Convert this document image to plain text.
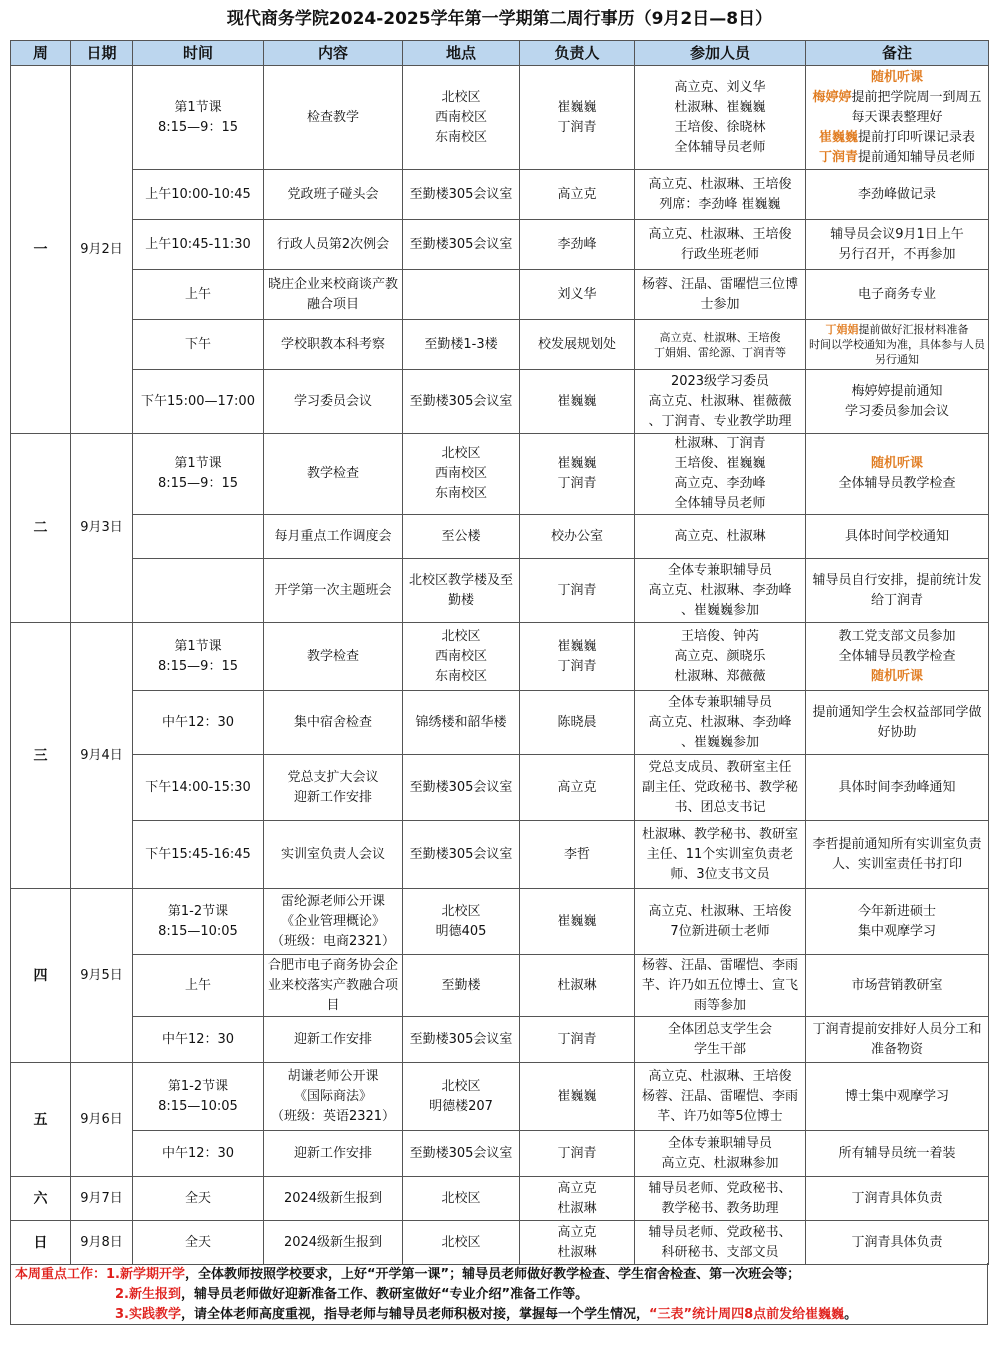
现代商务学院2024-2025学年第一学期第二周行事历（9月2日—8日）
周	日期	时间	内容	地点	负责人	参加人员	备注

一	9月2日	第1节课
8:15—9：15	检查教学	北校区
西南校区
东南校区	崔巍巍
丁润青	高立克、刘义华
杜淑琳、崔巍巍
王培俊、徐晓林
全体辅导员老师	随机听课
梅婷婷提前把学院周一到周五每天课表整理好
崔巍巍提前打印听课记录表
丁润青提前通知辅导员老师

		上午10:00-10:45	党政班子碰头会	至勤楼305会议室	高立克	高立克、杜淑琳、王培俊
列席：李劲峰 崔巍巍	李劲峰做记录

		上午10:45-11:30	行政人员第2次例会	至勤楼305会议室	李劲峰	高立克、杜淑琳、王培俊
行政坐班老师	辅导员会议9月1日上午
另行召开，不再参加

		上午	晓庄企业来校商谈产教融合项目		刘义华	杨蓉、汪晶、雷曜恺三位博士参加	电子商务专业

		下午	学校职教本科考察	至勤楼1-3楼	校发展规划处	高立克、杜淑琳、王培俊
丁娟娟、雷纶源、丁润青等	丁娟娟提前做好汇报材料准备
时间以学校通知为准，具体参与人员另行通知

		下午15:00—17:00	学习委员会议	至勤楼305会议室	崔巍巍	2023级学习委员
高立克、杜淑琳、崔薇薇
、丁润青、专业教学助理	梅婷婷提前通知
学习委员参加会议

二	9月3日	第1节课
8:15—9：15	教学检查	北校区
西南校区
东南校区	崔巍巍
丁润青	杜淑琳、丁润青
王培俊、崔巍巍
高立克、李劲峰
全体辅导员老师	随机听课
全体辅导员教学检查

			每月重点工作调度会	至公楼	校办公室	高立克、杜淑琳	具体时间学校通知

			开学第一次主题班会	北校区教学楼及至勤楼	丁润青	全体专兼职辅导员
高立克、杜淑琳、李劲峰
、崔巍巍参加	辅导员自行安排，提前统计发给丁润青

三	9月4日	第1节课
8:15—9：15	教学检查	北校区
西南校区
东南校区	崔巍巍
丁润青	王培俊、钟芮
高立克、颜晓乐
杜淑琳、郑薇薇	教工党支部文员参加
全体辅导员教学检查
随机听课

		中午12：30	集中宿舍检查	锦绣楼和韶华楼	陈晓晨	全体专兼职辅导员
高立克、杜淑琳、李劲峰
、崔巍巍参加	提前通知学生会权益部同学做好协助

		下午14:00-15:30	党总支扩大会议
迎新工作安排	至勤楼305会议室	高立克	党总支成员、教研室主任
副主任、党政秘书、教学秘书、团总支书记	具体时间李劲峰通知

		下午15:45-16:45	实训室负责人会议	至勤楼305会议室	李哲	杜淑琳、教学秘书、教研室主任、11个实训室负责老师、3位支书文员	李哲提前通知所有实训室负责人、实训室责任书打印

四	9月5日	第1-2节课
8:15—10:05	雷纶源老师公开课
《企业管理概论》
（班级：电商2321）	北校区
明德405	崔巍巍	高立克、杜淑琳、王培俊
7位新进硕士老师	今年新进硕士
集中观摩学习

		上午	合肥市电子商务协会企业来校落实产教融合项目	至勤楼	杜淑琳	杨蓉、汪晶、雷曜恺、李雨芊、许乃如五位博士、宣飞雨等参加	市场营销教研室

		中午12：30	迎新工作安排	至勤楼305会议室	丁润青	全体团总支学生会
学生干部	丁润青提前安排好人员分工和准备物资

五	9月6日	第1-2节课
8:15—10:05	胡谦老师公开课
《国际商法》
（班级：英语2321）	北校区
明德楼207	崔巍巍	高立克、杜淑琳、王培俊
杨蓉、汪晶、雷曜恺、李雨芊、许乃如等5位博士	博士集中观摩学习

		中午12：30	迎新工作安排	至勤楼305会议室	丁润青	全体专兼职辅导员
高立克、杜淑琳参加	所有辅导员统一着装

六	9月7日	全天	2024级新生报到	北校区	高立克
杜淑琳	辅导员老师、党政秘书、
教学秘书、教务助理	丁润青具体负责

日	9月8日	全天	2024级新生报到	北校区	高立克
杜淑琳	辅导员老师、党政秘书、
科研秘书、支部文员	丁润青具体负责
本周重点工作：1.新学期开学，全体教师按照学校要求，上好“开学第一课”；辅导员老师做好教学检查、学生宿舍检查、第一次班会等；
2.新生报到，辅导员老师做好迎新准备工作、教研室做好“专业介绍”准备工作等。
3.实践教学，请全体老师高度重视，指导老师与辅导员老师积极对接，掌握每一个学生情况，“三表”统计周四8点前发给崔巍巍。
